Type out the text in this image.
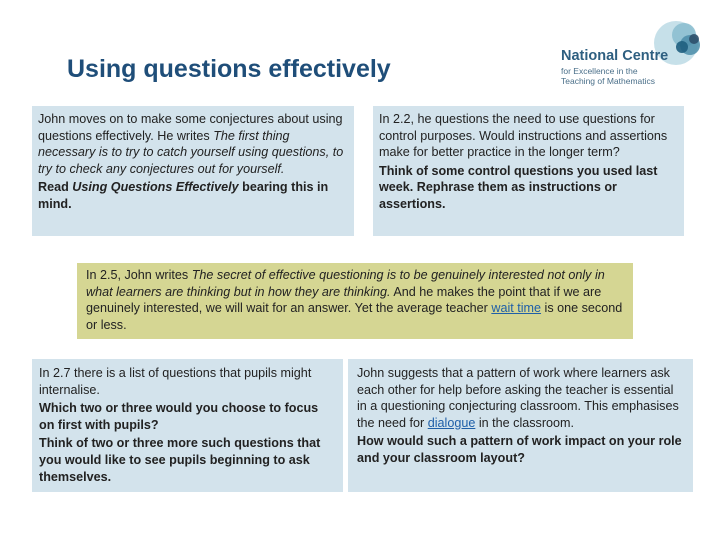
Using questions effectively	National Centre
for Excellence in the
Teaching of Mathematics

John moves on to make some conjectures about using questions effectively. He writes The first thing necessary is to try to catch yourself using questions, to try to check any conjectures out for yourself.

Read Using Questions Effectively bearing this in mind.

In 2.2, he questions the need to use questions for control purposes. Would instructions and assertions make for better practice in the longer term?

Think of some control questions you used last week. Rephrase them as instructions or assertions.

In 2.5, John writes The secret of effective questioning is to be genuinely interested not only in what learners are thinking but in how they are thinking. And he makes the point that if we are genuinely interested, we will wait for an answer. Yet the average teacher wait time is one second or less.

In 2.7 there is a list of questions that pupils might internalise.

Which two or three would you choose to focus on first with pupils?

Think of two or three more such questions that you would like to see pupils beginning to ask themselves.

John suggests that a pattern of work where learners ask each other for help before asking the teacher is essential in a questioning conjecturing classroom. This emphasises the need for dialogue in the classroom.

How would such a pattern of work impact on your role and your classroom layout?
